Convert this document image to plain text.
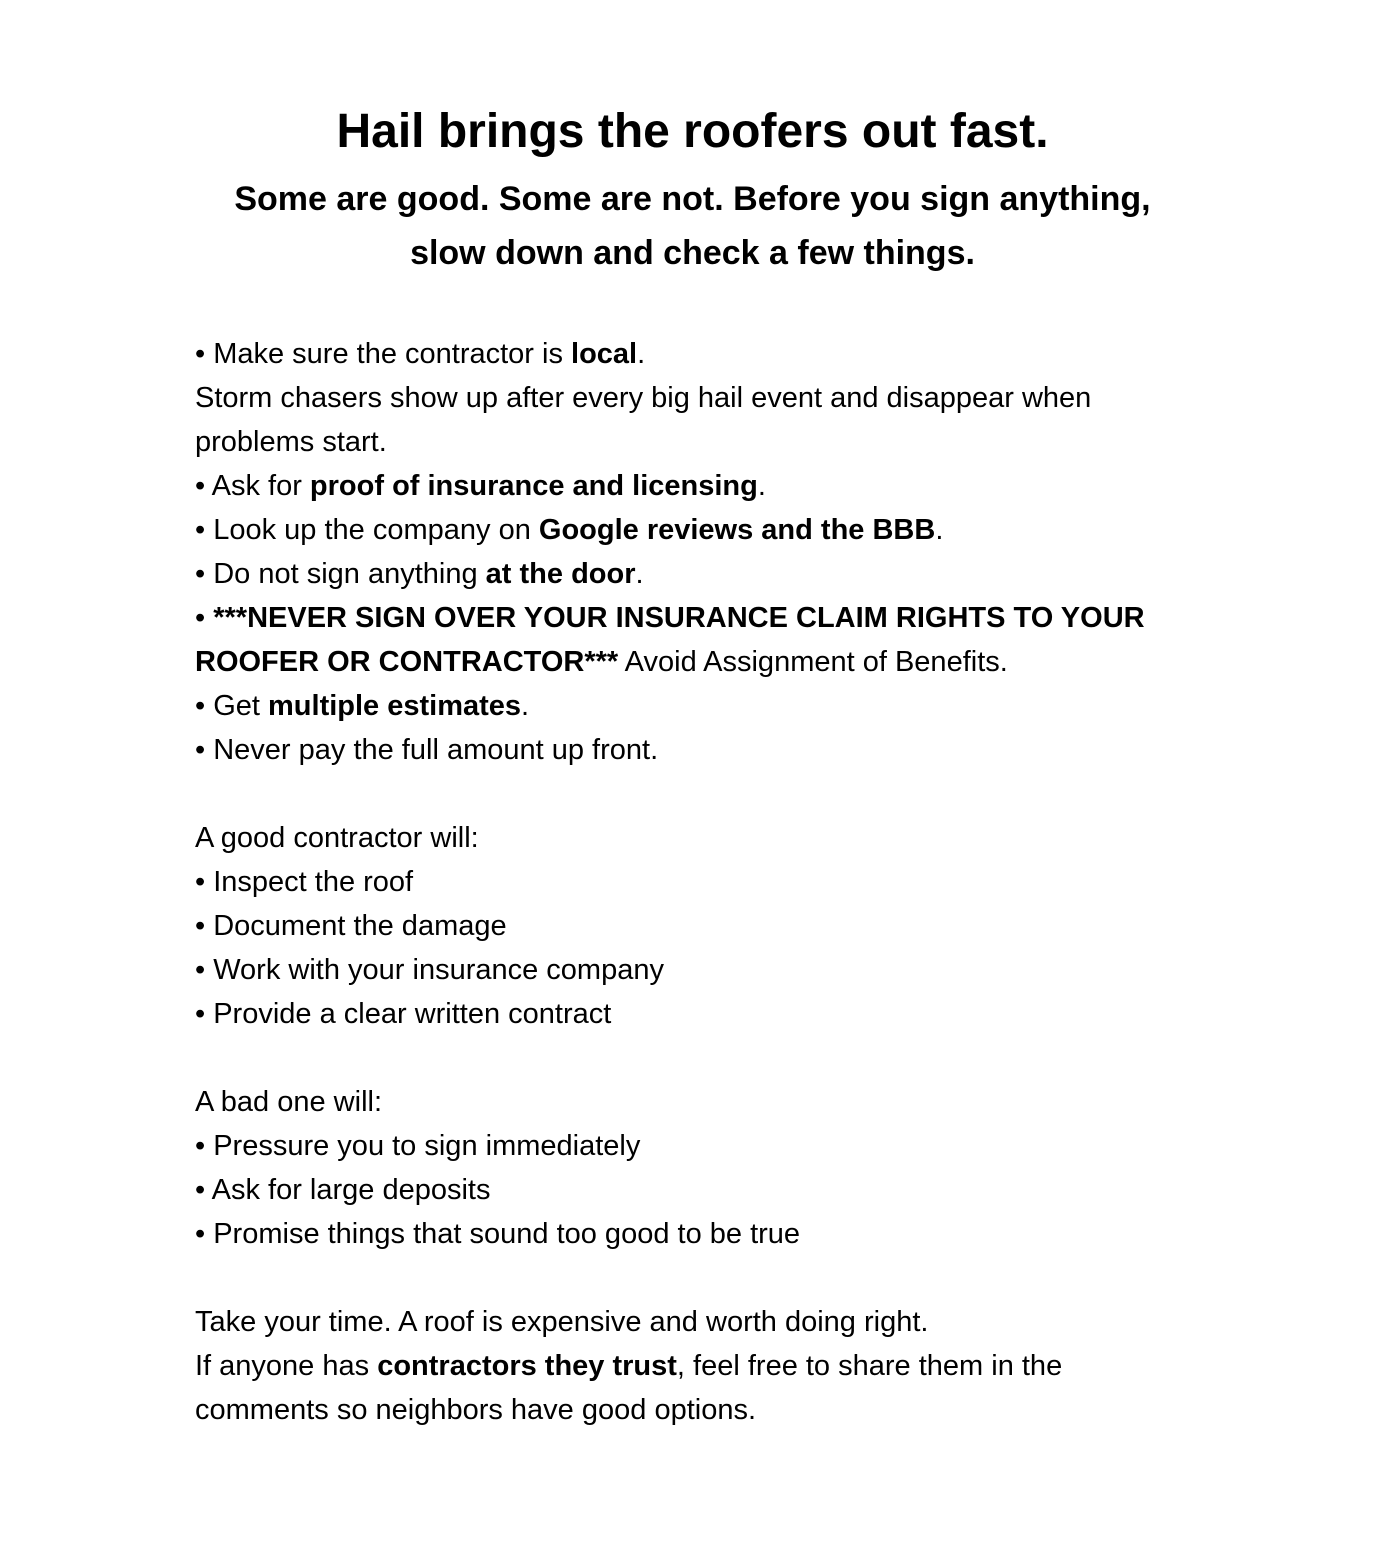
Hail brings the roofers out fast.
Some are good. Some are not. Before you sign anything,
slow down and check a few things.
• Make sure the contractor is local.
Storm chasers show up after every big hail event and disappear when
problems start.
• Ask for proof of insurance and licensing.
• Look up the company on Google reviews and the BBB.
• Do not sign anything at the door.
• ***NEVER SIGN OVER YOUR INSURANCE CLAIM RIGHTS TO YOUR
ROOFER OR CONTRACTOR*** Avoid Assignment of Benefits.
• Get multiple estimates.
• Never pay the full amount up front.
A good contractor will:
• Inspect the roof
• Document the damage
• Work with your insurance company
• Provide a clear written contract
A bad one will:
• Pressure you to sign immediately
• Ask for large deposits
• Promise things that sound too good to be true
Take your time. A roof is expensive and worth doing right.
If anyone has contractors they trust, feel free to share them in the
comments so neighbors have good options.
